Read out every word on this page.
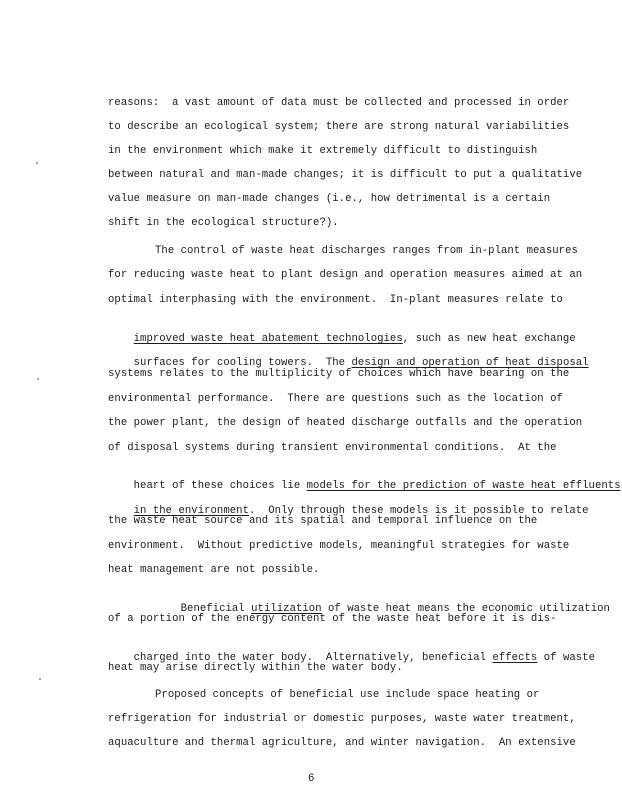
reasons:  a vast amount of data must be collected and processed in order
to describe an ecological system; there are strong natural variabilities
in the environment which make it extremely difficult to distinguish
between natural and man-made changes; it is difficult to put a qualitative
value measure on man-made changes (i.e., how detrimental is a certain
shift in the ecological structure?).
The control of waste heat discharges ranges from in-plant measures
for reducing waste heat to plant design and operation measures aimed at an
optimal interphasing with the environment.  In-plant measures relate to

improved waste heat abatement technologies, such as new heat exchange

surfaces for cooling towers.  The design and operation of heat disposal

systems relates to the multiplicity of choices which have bearing on the
environmental performance.  There are questions such as the location of
the power plant, the design of heated discharge outfalls and the operation
of disposal systems during transient environmental conditions.  At the

heart of these choices lie models for the prediction of waste heat effluents

in the environment.  Only through these models is it possible to relate

the waste heat source and its spatial and temporal influence on the
environment.  Without predictive models, meaningful strategies for waste
heat management are not possible.

Beneficial utilization of waste heat means the economic utilization

of a portion of the energy content of the waste heat before it is dis-

charged into the water body.  Alternatively, beneficial effects of waste

heat may arise directly within the water body.
Proposed concepts of beneficial use include space heating or
refrigeration for industrial or domestic purposes, waste water treatment,
aquaculture and thermal agriculture, and winter navigation.  An extensive
6
